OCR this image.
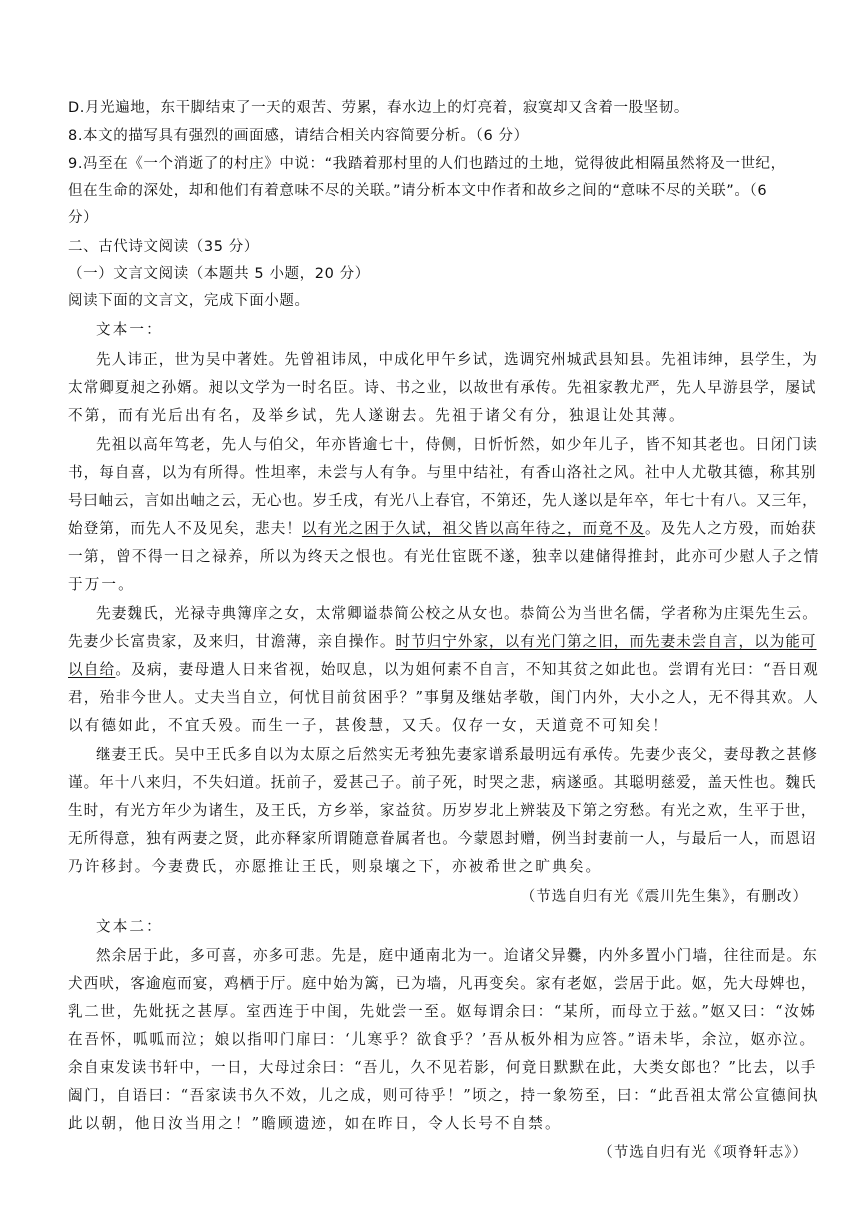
D.月光遍地，东干脚结束了一天的艰苦、劳累，春水边上的灯亮着，寂寞却又含着一股坚韧。
8.本文的描写具有强烈的画面感，请结合相关内容简要分析。（6 分）
9.冯至在《一个消逝了的村庄》中说：“我踏着那村里的人们也踏过的土地，觉得彼此相隔虽然将及一世纪，
但在生命的深处，却和他们有着意味不尽的关联。”请分析本文中作者和故乡之间的“意味不尽的关联”。（6
分）
二、古代诗文阅读（35 分）
（一）文言文阅读（本题共 5 小题，20 分）
阅读下面的文言文，完成下面小题。
文本一：
先人讳正，世为吴中著姓。先曾祖讳凤，中成化甲午乡试，选调究州城武县知县。先祖讳绅，县学生，为
太常卿夏昶之孙婿。昶以文学为一时名臣。诗、书之业，以故世有承传。先祖家教尤严，先人早游县学，屡试
不第，而有光后出有名，及举乡试，先人遂谢去。先祖于诸父有分，独退让处其薄。
先祖以高年笃老，先人与伯父，年亦皆逾七十，侍侧，日忻忻然，如少年儿子，皆不知其老也。日闭门读
书，每自喜，以为有所得。性坦率，未尝与人有争。与里中结社，有香山洛社之风。社中人尤敬其德，称其别
号曰岫云，言如出岫之云，无心也。岁壬戌，有光八上春官，不第还，先人遂以是年卒，年七十有八。又三年，
始登第，而先人不及见矣，悲夫！以有光之困于久试，祖父皆以高年待之，而竟不及。及先人之方殁，而始获
一第，曾不得一日之禄养，所以为终天之恨也。有光仕宦既不遂，独幸以建储得推封，此亦可少慰人子之情
于万一。
先妻魏氏，光禄寺典簿庠之女，太常卿谥恭简公校之从女也。恭简公为当世名儒，学者称为庄渠先生云。
先妻少长富贵家，及来归，甘澹薄，亲自操作。时节归宁外家，以有光门第之旧，而先妻未尝自言，以为能可
以自给。及病，妻母遣人日来省视，始叹息，以为姐何素不自言，不知其贫之如此也。尝谓有光曰：“吾日观
君，殆非今世人。丈夫当自立，何忧目前贫困乎？”事舅及继姑孝敬，闺门内外，大小之人，无不得其欢。人
以有德如此，不宜夭殁。而生一子，甚俊慧，又夭。仅存一女，天道竟不可知矣！
继妻王氏。吴中王氏多自以为太原之后然实无考独先妻家谱系最明远有承传。先妻少丧父，妻母教之甚修
谨。年十八来归，不失妇道。抚前子，爱甚己子。前子死，时哭之悲，病遂亟。其聪明慈爱，盖天性也。魏氏
生时，有光方年少为诸生，及王氏，方乡举，家益贫。历岁岁北上辨装及下第之穷愁。有光之欢，生平于世，
无所得意，独有两妻之贤，此亦释家所谓随意眷属者也。今蒙恩封赠，例当封妻前一人，与最后一人，而恩诏
乃许移封。今妻费氏，亦愿推让王氏，则泉壤之下，亦被希世之旷典矣。
（节选自归有光《震川先生集》，有删改）
文本二：
然余居于此，多可喜，亦多可悲。先是，庭中通南北为一。迨诸父异爨，内外多置小门墙，往往而是。东
犬西吠，客逾庖而宴，鸡栖于厅。庭中始为篱，已为墙，凡再变矣。家有老妪，尝居于此。妪，先大母婢也，
乳二世，先妣抚之甚厚。室西连于中闺，先妣尝一至。妪每谓余曰：“某所，而母立于兹。”妪又曰：“汝姊
在吾怀，呱呱而泣；娘以指叩门扉曰：‘儿寒乎？欲食乎？’吾从板外相为应答。”语未毕，余泣，妪亦泣。
余自束发读书轩中，一日，大母过余曰：“吾儿，久不见若影，何竟日默默在此，大类女郎也？”比去，以手
阖门，自语曰：“吾家读书久不效，儿之成，则可待乎！”顷之，持一象笏至，曰：“此吾祖太常公宣德间执
此以朝，他日汝当用之！”瞻顾遗迹，如在昨日，令人长号不自禁。
（节选自归有光《项脊轩志》）
